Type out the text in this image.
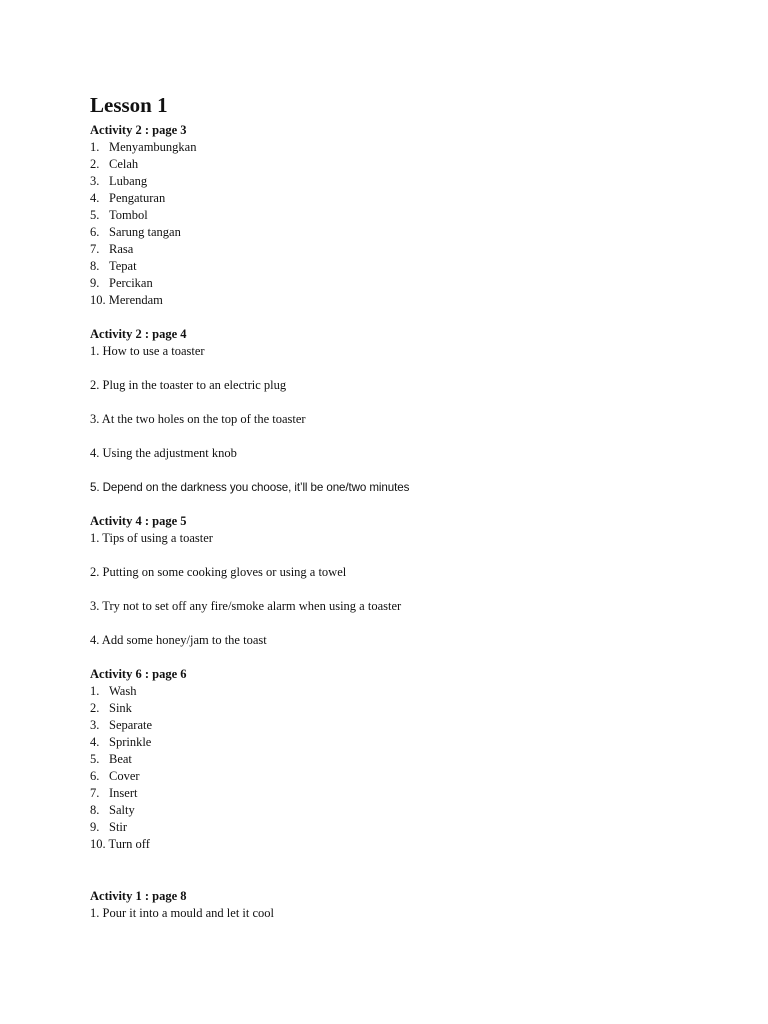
Lesson 1
Activity 2 : page 3
1. Menyambungkan
2. Celah
3. Lubang
4. Pengaturan
5. Tombol
6. Sarung tangan
7. Rasa
8. Tepat
9. Percikan
10. Merendam
Activity 2 : page 4
1. How to use a toaster
2. Plug in the toaster to an electric plug
3. At the two holes on the top of the toaster
4. Using the adjustment knob
5. Depend on the darkness you choose, it’ll be one/two minutes
Activity 4 : page 5
1. Tips of using a toaster
2. Putting on some cooking gloves or using a towel
3. Try not to set off any fire/smoke alarm when using a toaster
4. Add some honey/jam to the toast
Activity 6 : page 6
1. Wash
2. Sink
3. Separate
4. Sprinkle
5. Beat
6. Cover
7. Insert
8. Salty
9. Stir
10. Turn off
Activity 1 : page 8
1. Pour it into a mould and let it cool
